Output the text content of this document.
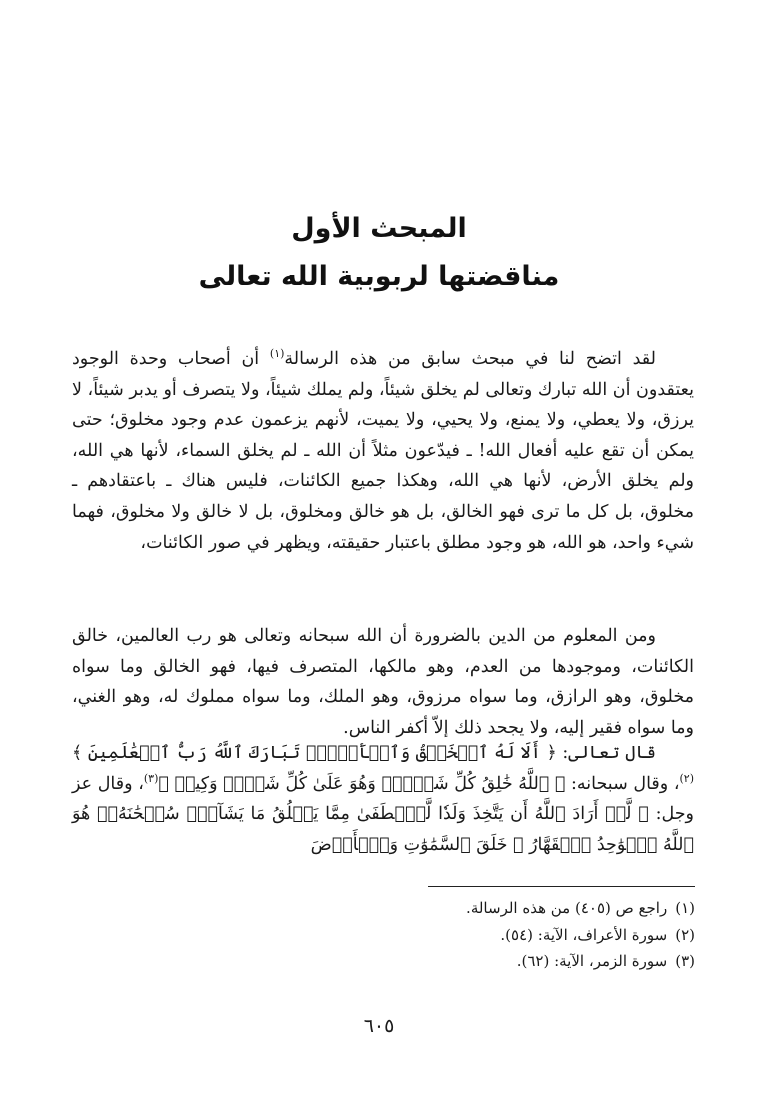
المبحث الأول
مناقضتها لربوبية الله تعالى
لقد اتضح لنا في مبحث سابق من هذه الرسالة$^{(١)}$ أن أصحاب وحدة الوجود يعتقدون أن الله تبارك وتعالى لم يخلق شيئاً، ولم يملك شيئاً، ولا يتصرف أو يدبر شيئاً، لا يرزق، ولا يعطي، ولا يمنع، ولا يحيي، ولا يميت، لأنهم يزعمون عدم وجود مخلوق؛ حتى يمكن أن تقع عليه أفعال الله! ـ فيدّعون مثلاً أن الله ـ لم يخلق السماء، لأنها هي الله، ولم يخلق الأرض، لأنها هي الله، وهكذا جميع الكائنات، فليس هناك ـ باعتقادهم ـ مخلوق، بل كل ما ترى فهو الخالق، بل هو خالق ومخلوق، بل لا خالق ولا مخلوق، فهما شيء واحد، هو الله، هو وجود مطلق باعتبار حقيقته، ويظهر في صور الكائنات،
ومن المعلوم من الدين بالضرورة أن الله سبحانه وتعالى هو رب العالمين، خالق الكائنات، وموجودها من العدم، وهو مالكها، المتصرف فيها، فهو الخالق وما سواه مخلوق، وهو الرازق، وما سواه مرزوق، وهو الملك، وما سواه مملوك له، وهو الغني، وما سواه فقير إليه، ولا يجحد ذلك إلاّ أكفر الناس.
قال تعالى: ﴿ أَلَا لَهُ ٱلۡخَلۡقُ وَٱلۡأَمۡرُۗ تَبَارَكَ ٱللَّهُ رَبُّ ٱلۡعَٰلَمِينَ ﴾$^{(٢)}$، وقال سبحانه: ﴿ ٱللَّهُ خَٰلِقُ كُلِّ شَيۡءٖۖ وَهُوَ عَلَىٰ كُلِّ شَيۡءٖ وَكِيلٞ ﴾$^{(٣)}$، وقال عز وجل: ﴿ لَّوۡ أَرَادَ ٱللَّهُ أَن يَتَّخِذَ وَلَدٗا لَّٱصۡطَفَىٰ مِمَّا يَخۡلُقُ مَا يَشَآءُۚ سُبۡحَٰنَهُۥۖ هُوَ ٱللَّهُ ٱلۡوَٰحِدُ ٱلۡقَهَّارُ ۞ خَلَقَ ٱلسَّمَٰوَٰتِ وَٱلۡأَرۡضَ
(١)راجع ص (٤٠٥) من هذه الرسالة.
(٢)سورة الأعراف، الآية: (٥٤).
(٣)سورة الزمر، الآية: (٦٢).
٦٠٥
